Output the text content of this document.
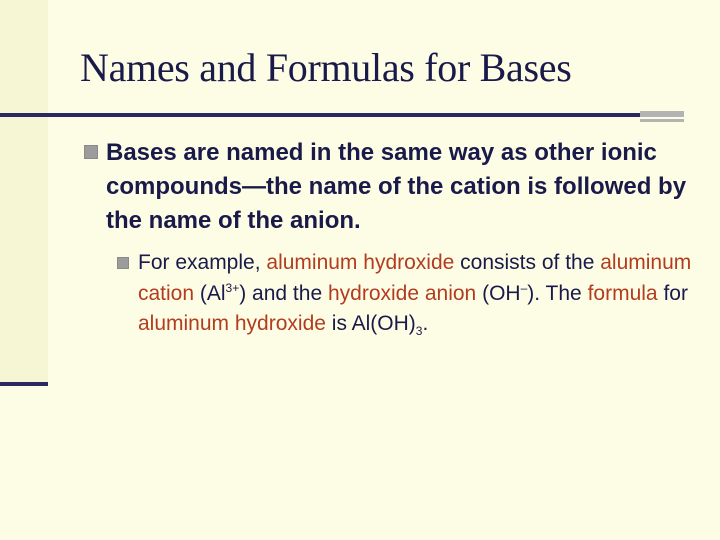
Names and Formulas for Bases
Bases are named in the same way as other ionic compounds—the name of the cation is followed by the name of the anion.
For example, aluminum hydroxide consists of the aluminum cation $(Al^{3+})$ and the hydroxide anion (OH–). The formula for aluminum hydroxide is $Al(OH)_3$.
